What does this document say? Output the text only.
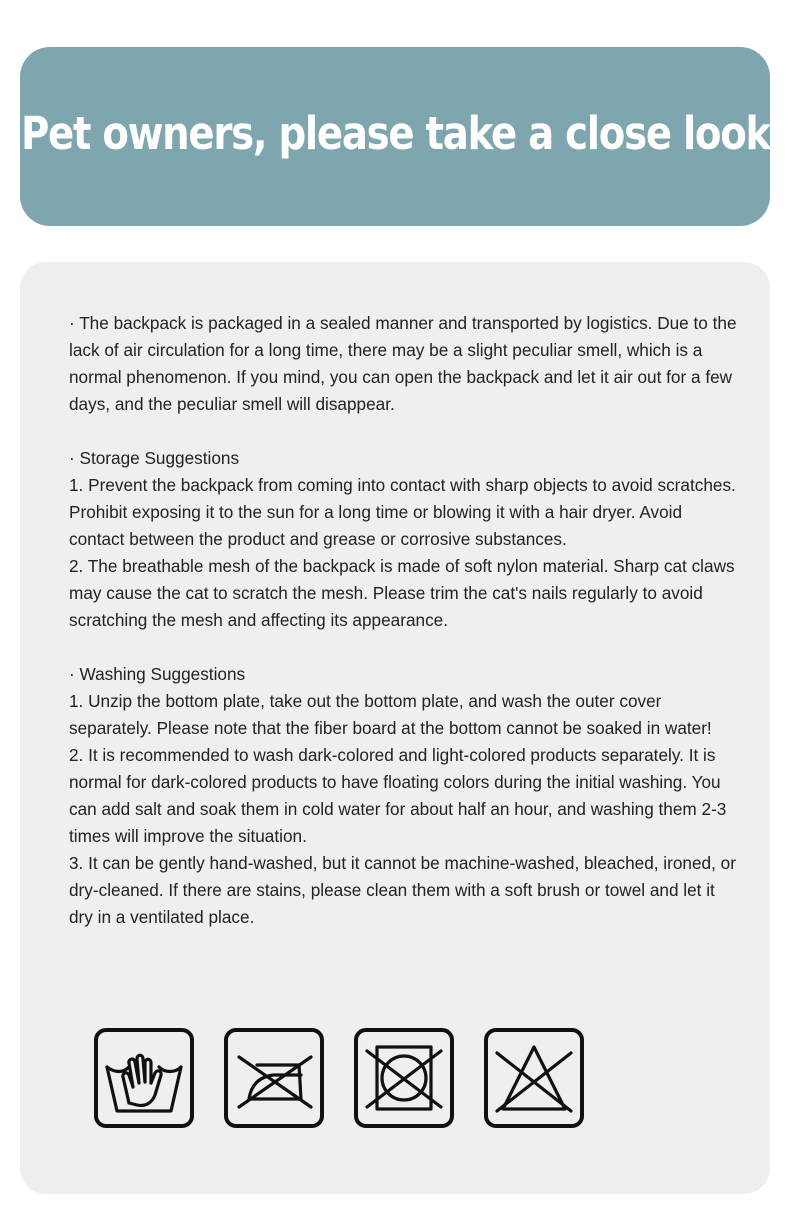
Pet owners, please take a close look

· The backpack is packaged in a sealed manner and transported by logistics. Due to the lack of air circulation for a long time, there may be a slight peculiar smell, which is a normal phenomenon. If you mind, you can open the backpack and let it air out for a few days, and the peculiar smell will disappear.

· Storage Suggestions

1. Prevent the backpack from coming into contact with sharp objects to avoid scratches. Prohibit exposing it to the sun for a long time or blowing it with a hair dryer. Avoid contact between the product and grease or corrosive substances.

2. The breathable mesh of the backpack is made of soft nylon material. Sharp cat claws may cause the cat to scratch the mesh. Please trim the cat's nails regularly to avoid scratching the mesh and affecting its appearance.

· Washing Suggestions

1. Unzip the bottom plate, take out the bottom plate, and wash the outer cover separately. Please note that the fiber board at the bottom cannot be soaked in water!

2. It is recommended to wash dark-colored and light-colored products separately. It is normal for dark-colored products to have floating colors during the initial washing. You can add salt and soak them in cold water for about half an hour, and washing them 2-3 times will improve the situation.

3. It can be gently hand-washed, but it cannot be machine-washed, bleached, ironed, or dry-cleaned. If there are stains, please clean them with a soft brush or towel and let it dry in a ventilated place.
